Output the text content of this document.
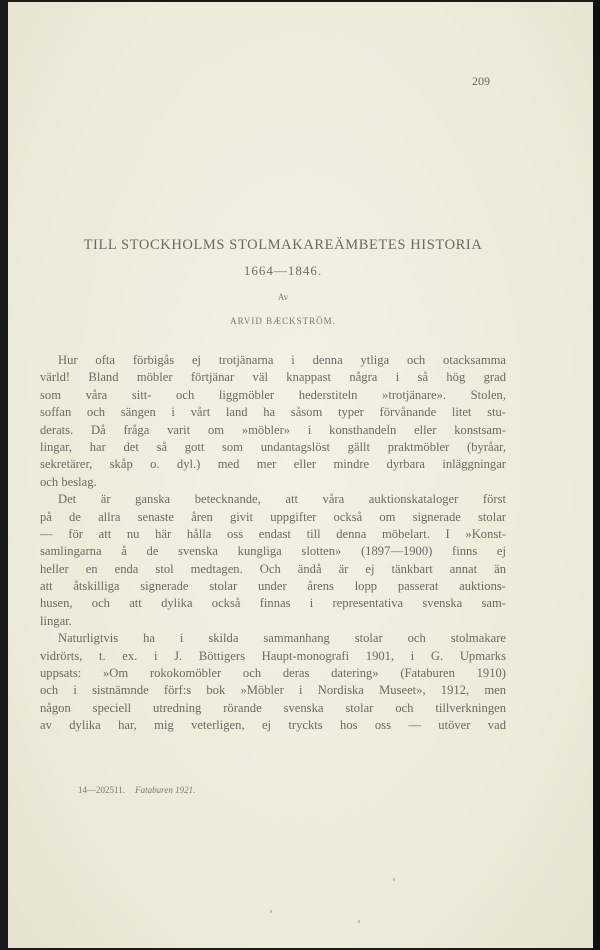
209
TILL STOCKHOLMS STOLMAKAREÄMBETES HISTORIA
1664—1846.
Av
ARVID BÆCKSTRÖM.
Hur ofta förbigås ej trotjänarna i denna ytliga och otacksamma
värld! Bland möbler förtjänar väl knappast några i så hög grad
som våra sitt- och liggmöbler hederstiteln »trotjänare». Stolen,
soffan och sängen i vårt land ha såsom typer förvånande litet stu-
derats. Då fråga varit om »möbler» i konsthandeln eller konstsam-
lingar, har det så gott som undantagslöst gällt praktmöbler (byråar,
sekretärer, skåp o. dyl.) med mer eller mindre dyrbara inläggningar
och beslag.
Det är ganska betecknande, att våra auktionskataloger först
på de allra senaste åren givit uppgifter också om signerade stolar
— för att nu här hålla oss endast till denna möbelart. I »Konst-
samlingarna å de svenska kungliga slotten» (1897—1900) finns ej
heller en enda stol medtagen. Och ändå är ej tänkbart annat än
att åtskilliga signerade stolar under årens lopp passerat auktions-
husen, och att dylika också finnas i representativa svenska sam-
lingar.
Naturligtvis ha i skilda sammanhang stolar och stolmakare
vidrörts, t. ex. i J. Böttigers Haupt-monografi 1901, i G. Upmarks
uppsats: »Om rokokomöbler och deras datering» (Fataburen 1910)
och i sistnämnde förf:s bok »Möbler i Nordiska Museet», 1912, men
någon speciell utredning rörande svenska stolar och tillverkningen
av dylika har, mig veterligen, ej tryckts hos oss — utöver vad
14—202511. Fataburen 1921.
